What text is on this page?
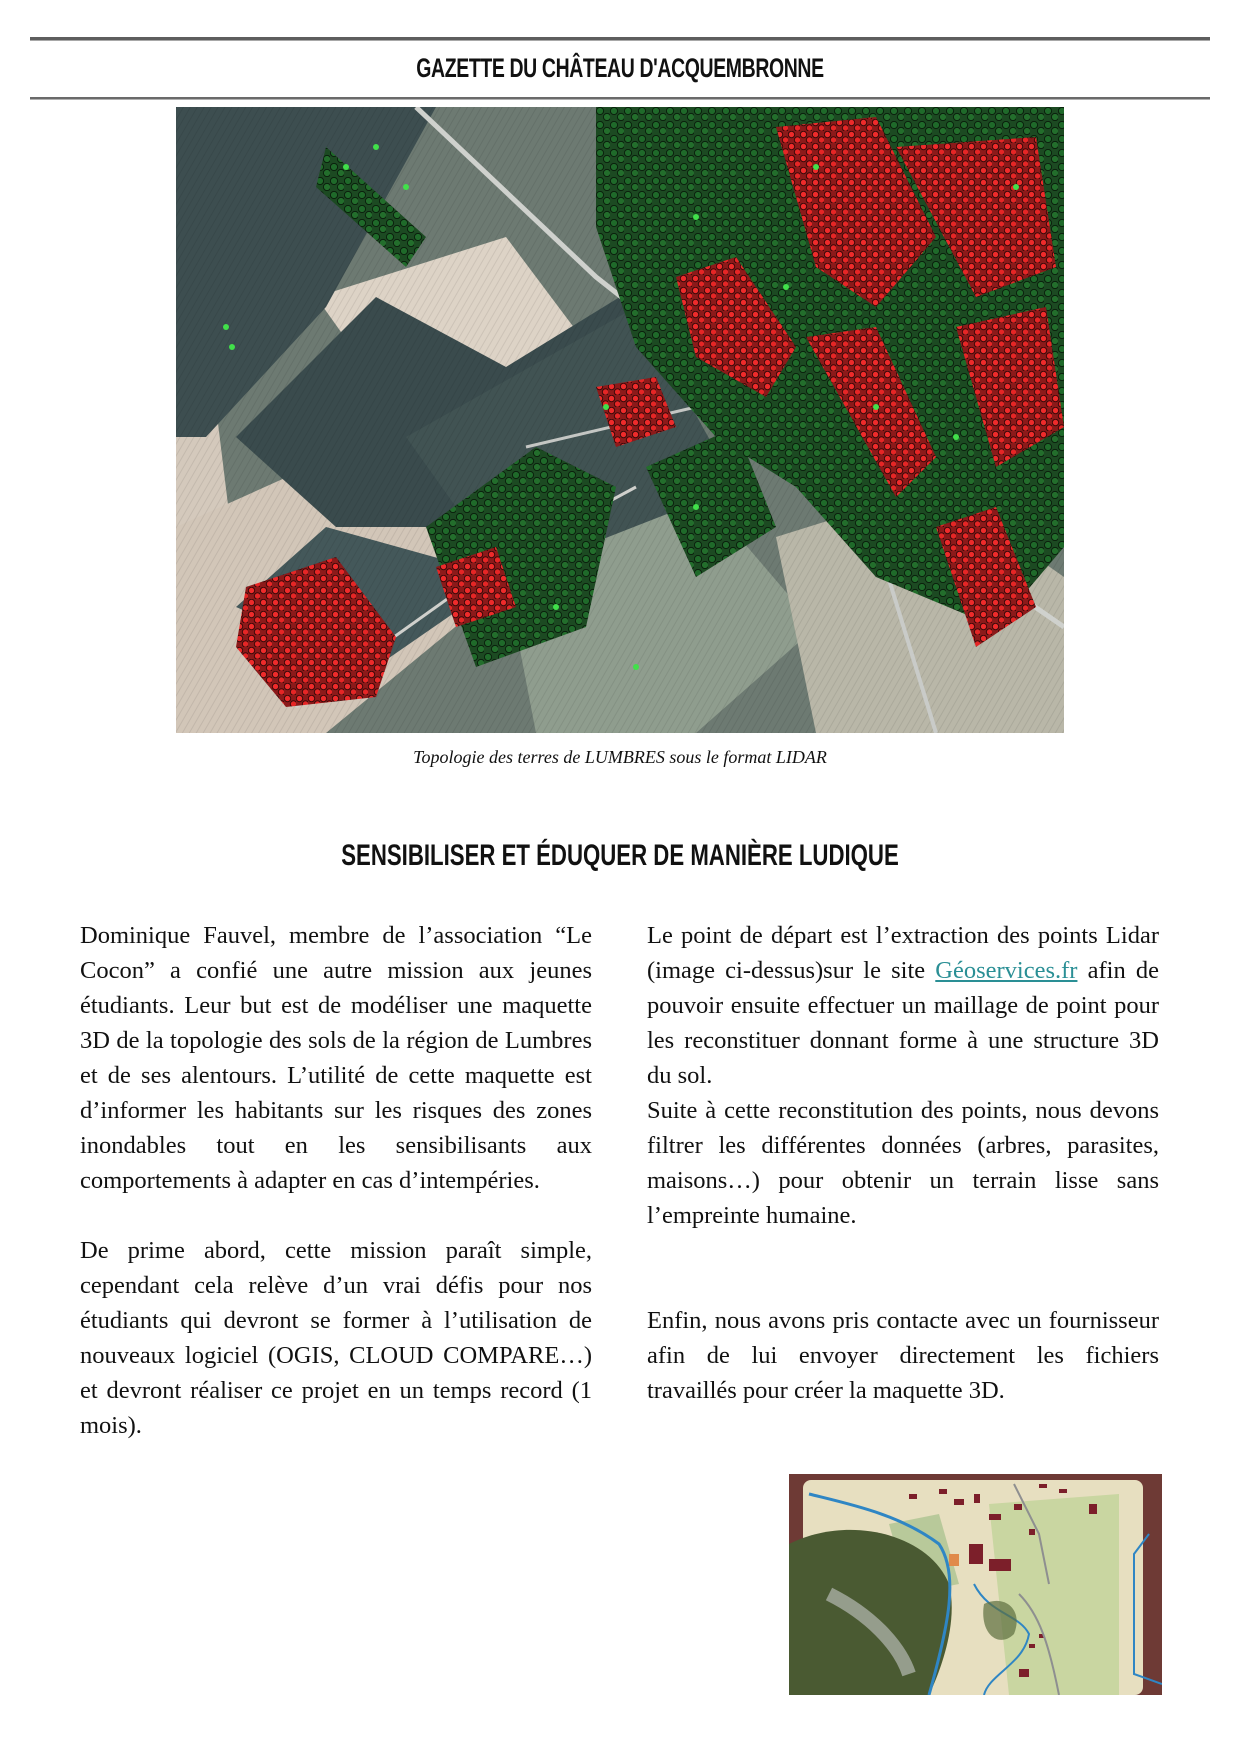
GAZETTE DU CHÂTEAU D'ACQUEMBRONNE
Topologie des terres de LUMBRES sous le format LIDAR
SENSIBILISER ET ÉDUQUER DE MANIÈRE LUDIQUE

Dominique Fauvel, membre de l’association “Le Cocon” a confié une autre mission aux jeunes étudiants. Leur but est de modéliser une maquette 3D de la topologie des sols de la région de Lumbres et de ses alentours. L’utilité de cette maquette est d’informer les habitants sur les risques des zones inondables tout en les sensibilisants aux comportements à adapter en cas d’intempéries.

De prime abord, cette mission paraît simple, cependant cela relève d’un vrai défis pour nos étudiants qui devront se former à l’utilisation de nouveaux logiciel (OGIS, CLOUD COMPARE…) et devront réaliser ce projet en un temps record (1 mois).

Le point de départ est l’extraction des points Lidar (image ci-dessus)sur le site Géoservices.fr afin de pouvoir ensuite effectuer un maillage de point pour les reconstituer donnant forme à une structure 3D du sol.

Suite à cette reconstitution des points, nous devons filtrer les différentes données (arbres, parasites, maisons…) pour obtenir un terrain lisse sans l’empreinte humaine.

Enfin, nous avons pris contacte avec un fournisseur afin de lui envoyer directement les fichiers travaillés pour créer la maquette 3D.
